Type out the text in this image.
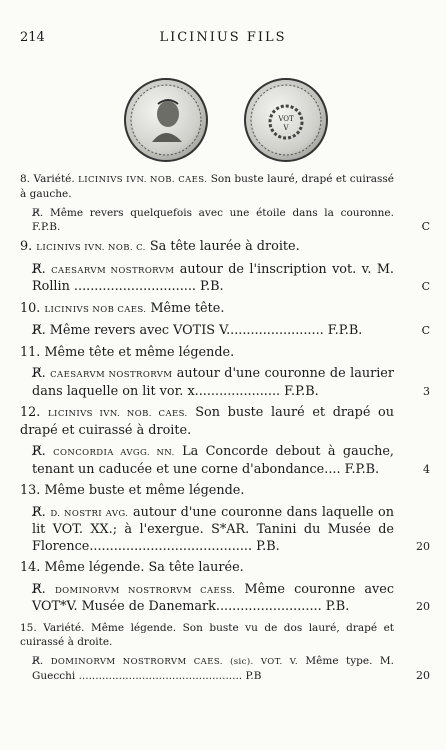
214	LICINIUS FILS
VOT
V
8. Variété. LICINIVS IVN. NOB. CAES. Son buste lauré, drapé et cuirassé à gauche.
R̸. Même revers quelquefois avec une étoile dans la couronne. F.P.B.	C
9. LICINIVS IVN. NOB. C. Sa tête laurée à droite.
R̸. CAESARVM NOSTRORVM autour de l'inscription vot. v. M. Rollin .............................. P.B.	C
10. LICINIVS NOB CAES. Même tête.
R̸. Même revers avec VOTIS V........................ F.P.B.	C
11. Même tête et même légende.
R̸. CAESARVM NOSTRORVM autour d'une couronne de laurier dans laquelle on lit vor. x..................... F.P.B.	3
12. LICINIVS IVN. NOB. CAES. Son buste lauré et drapé ou drapé et cuirassé à droite.
R̸. CONCORDIA AVGG. NN. La Concorde debout à gauche, tenant un caducée et une corne d'abondance.... F.P.B.	4
13. Même buste et même légende.
R̸. D. NOSTRI AVG. autour d'une couronne dans laquelle on lit VOT. XX.; à l'exergue. S*AR. Tanini du Musée de Florence........................................ P.B.	20
14. Même légende. Sa tête laurée.
R̸. DOMINORVM NOSTRORVM CAESS. Même couronne avec VOT*V. Musée de Danemark.......................... P.B.	20
15. Variété. Même légende. Son buste vu de dos lauré, drapé et cuirassé à droite.
R̸. DOMINORVM NOSTRORVM CAES. (sic). VOT. V. Même type. M. Guecchi ................................................. P.B	20
